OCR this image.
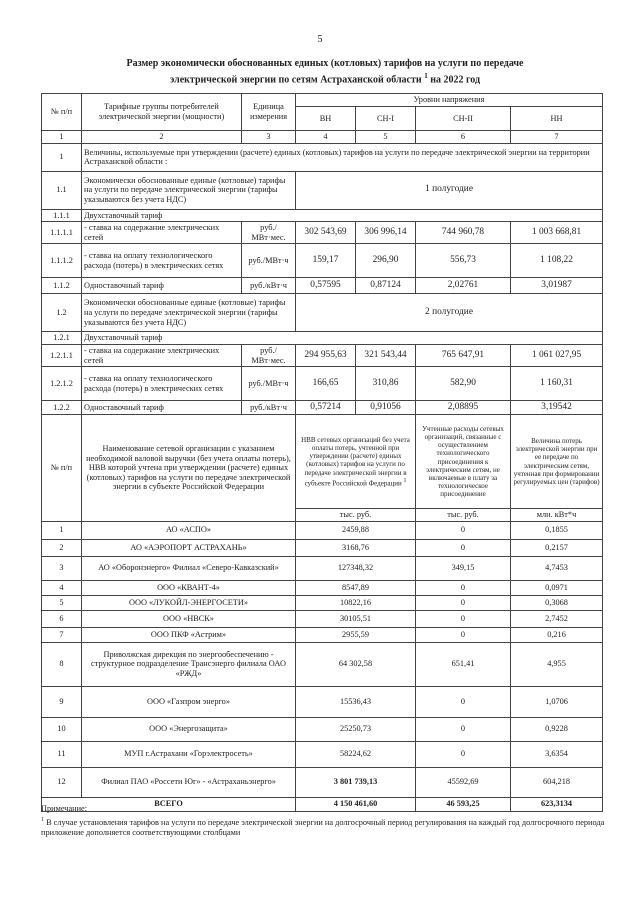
5
Размер экономически обоснованных единых (котловых) тарифов на услуги по передаче
электрической энергии по сетям Астраханской области $^1$ на 2022 год
№ п/п	Тарифные группы потребителей электрической энергии (мощности)	Единица измерения	Уровни напряжения			
			ВН	СН-I	СН-II	НН
1	2	3	4	5	6	7
1	Величины, используемые при утверждении (расчете) единых (котловых) тарифов на услуги по передаче электрической энергии на территории Астраханской области :					
1.1	Экономически обоснованные единые (котловые) тарифы на услуги по передаче электрической энергии (тарифы указываются без учета НДС)		1 полугодие			
1.1.1	Двухставочный тариф					
1.1.1.1	- ставка на содержание электрических сетей	руб./МВт·мес.	302 543,69	306 996,14	744 960,78	1 003 668,81
1.1.1.2	- ставка на оплату технологического расхода (потерь) в электрических сетях	руб./МВт·ч	159,17	296,90	556,73	1 108,22
1.1.2	Одноставочный тариф	руб./кВт·ч	0,57595	0,87124	2,02761	3,01987
1.2	Экономически обоснованные единые (котловые) тарифы на услуги по передаче электрической энергии (тарифы указываются без учета НДС)		2 полугодие			
1.2.1	Двухставочный тариф					
1.2.1.1	- ставка на содержание электрических сетей	руб./МВт·мес.	294 955,63	321 543,44	765 647,91	1 061 027,95
1.2.1.2	- ставка на оплату технологического расхода (потерь) в электрических сетях	руб./МВт·ч	166,65	310,86	582,90	1 160,31
1.2.2	Одноставочный тариф	руб./кВт·ч	0,57214	0,91056	2,08895	3,19542
№ п/п	Наименование сетевой организации с указанием необходимой валовой выручки (без учета оплаты потерь), НВВ которой учтена при утверждении (расчете) единых (котловых) тарифов на услуги по передаче электрической энергии в субъекте Российской Федерации		НВВ сетевых организаций без учета оплаты потерь, учтенной при утверждении (расчете) единых (котловых) тарифов на услуги по передаче электрической энергии в субъекте Российской Федерации $^1$		Учтенные расходы сетевых организаций, связанные с осуществлением технологического присоединения к электрическим сетям, не включаемые в плату за технологическое присоединение	Величина потерь электрической энергии при ее передаче по электрическим сетям, учтенная при формировании регулируемых цен (тарифов)
			тыс. руб.		тыс. руб.	млн. кВт*ч
1	АО «АСПО»		2459,88		0	0,1855
2	АО «АЭРОПОРТ АСТРАХАНЬ»		3168,76		0	0,2157
3	АО «Оборонэнерго» Филиал «Северо-Кавказский»		127348,32		349,15	4,7453
4	ООО «КВАНТ-4»		8547,89		0	0,0971
5	ООО «ЛУКОЙЛ-ЭНЕРГОСЕТИ»		10822,16		0	0,3068
6	ООО «НВСК»		30105,51		0	2,7452
7	ООО ПКФ «Астрим»		2955,59		0	0,216
8	Приволжская дирекция по энергообеспечению - структурное подразделение Трансэнерго филиала ОАО «РЖД»		64 302,58		651,41	4,955
9	ООО «Газпром энерго»		15536,43		0	1,0706
10	ООО «Энергозащита»		25250,73		0	0,9228
11	МУП г.Астрахани «Горэлектросеть»		58224,62		0	3,6354
12	Филиал ПАО «Россети Юг» - «Астраханьэнерго»		3 801 739,13		45592,69	604,218
ВСЕГО			4 150 461,60		46 593,25	623,3134
Примечание:
$^1$ В случае установления тарифов на услуги по передаче электрической энергии на долгосрочный период регулирования на каждый год долгосрочного периода приложение дополняется соответствующими столбцами
